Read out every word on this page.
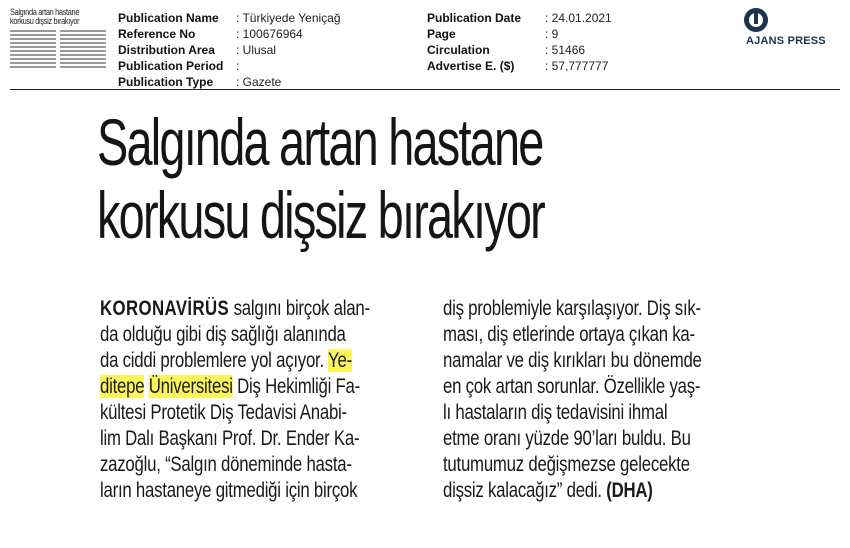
Salgında artan hastane
korkusu dişsiz bırakıyor	Publication Name	: Türkiyede Yeniçağ
Reference No	: 100676964
Distribution Area	: Ulusal
Publication Period	:
Publication Type	: Gazete
Publication Date	: 24.01.2021
Page	: 9
Circulation	: 51466
Advertise E. ($)	: 57,777777
AJANS PRESS
Salgında artan hastane
korkusu dişsiz bırakıyor
KORONAVİRÜS salgını birçok alan-
da olduğu gibi diş sağlığı alanında
da ciddi problemlere yol açıyor. Ye-
ditepe Üniversitesi Diş Hekimliği Fa-
kültesi Protetik Diş Tedavisi Anabi-
lim Dalı Başkanı Prof. Dr. Ender Ka-
zazoğlu, “Salgın döneminde hasta-
ların hastaneye gitmediği için birçok
diş problemiyle karşılaşıyor. Diş sık-
ması, diş etlerinde ortaya çıkan ka-
namalar ve diş kırıkları bu dönemde
en çok artan sorunlar. Özellikle yaş-
lı hastaların diş tedavisini ihmal
etme oranı yüzde 90’ları buldu. Bu
tutumumuz değişmezse gelecekte
dişsiz kalacağız” dedi. (DHA)
